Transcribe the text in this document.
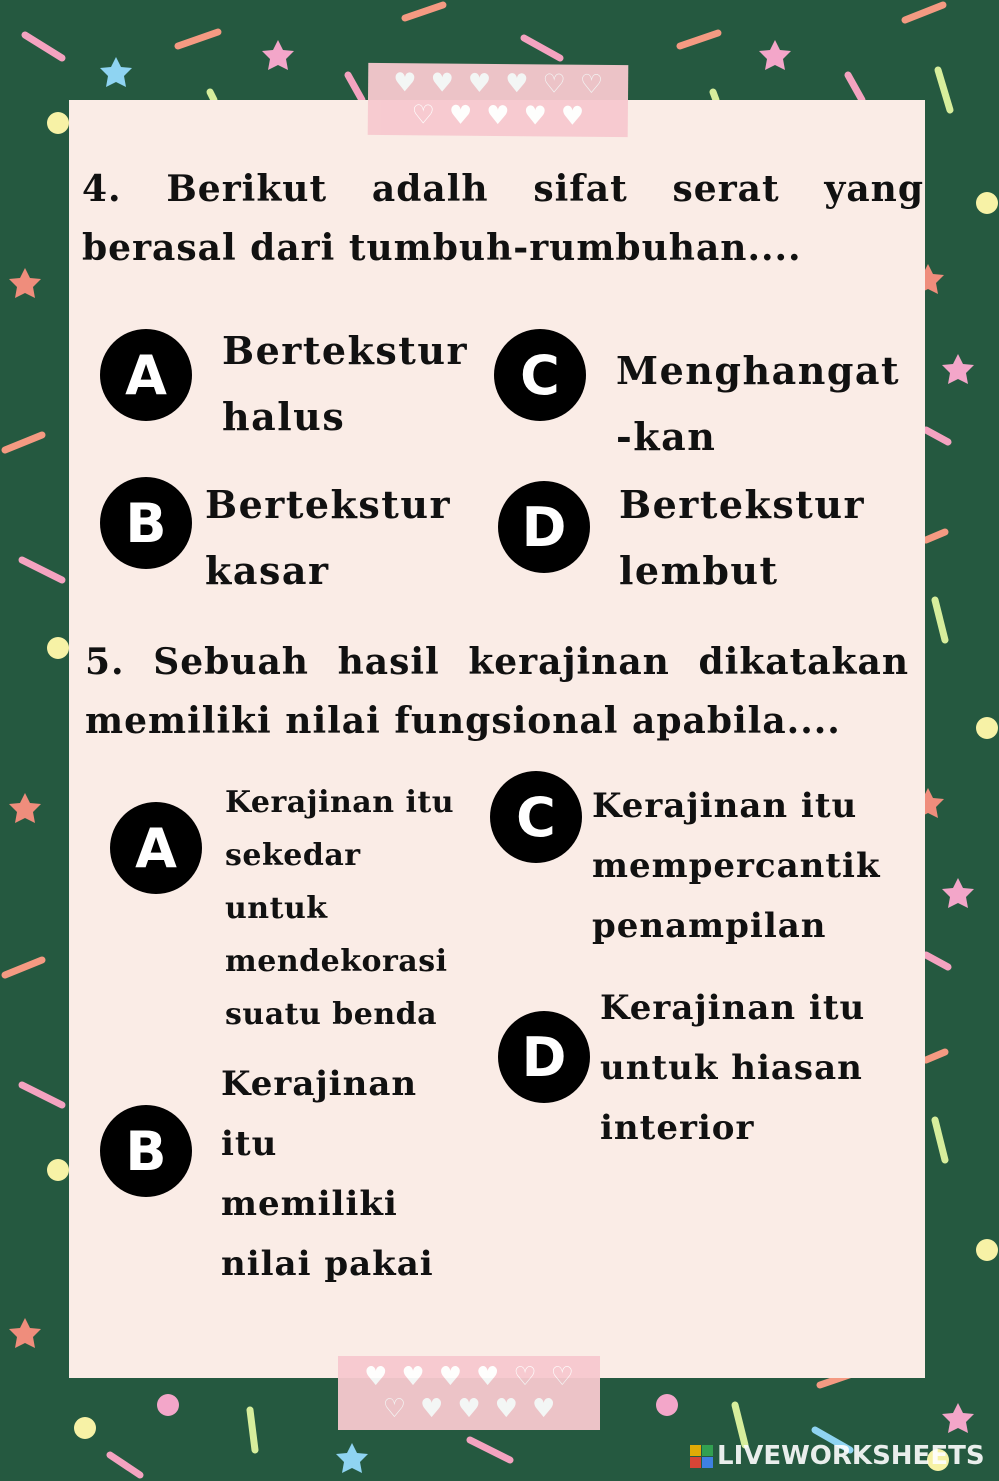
♥ ♥ ♥ ♥ ♡ ♡
♡ ♥ ♥ ♥ ♥
4. Berikut adalh sifat serat yang berasal dari tumbuh-rumbuhan....
A	Bertekstur
halus
C	Menghangat
-kan
B	Bertekstur
kasar
D	Bertekstur
lembut
5. Sebuah hasil kerajinan dikatakan memiliki nilai fungsional apabila....
A
Kerajinan itu
sekedar
untuk
mendekorasi
suatu benda
C	Kerajinan itu
mempercantik
penampilan
D
Kerajinan itu
untuk hiasan
interior
B
Kerajinan
itu
memiliki
nilai pakai
♥ ♥ ♥ ♥ ♡ ♡
♡ ♥ ♥ ♥ ♥
LIVEWORKSHEETS
